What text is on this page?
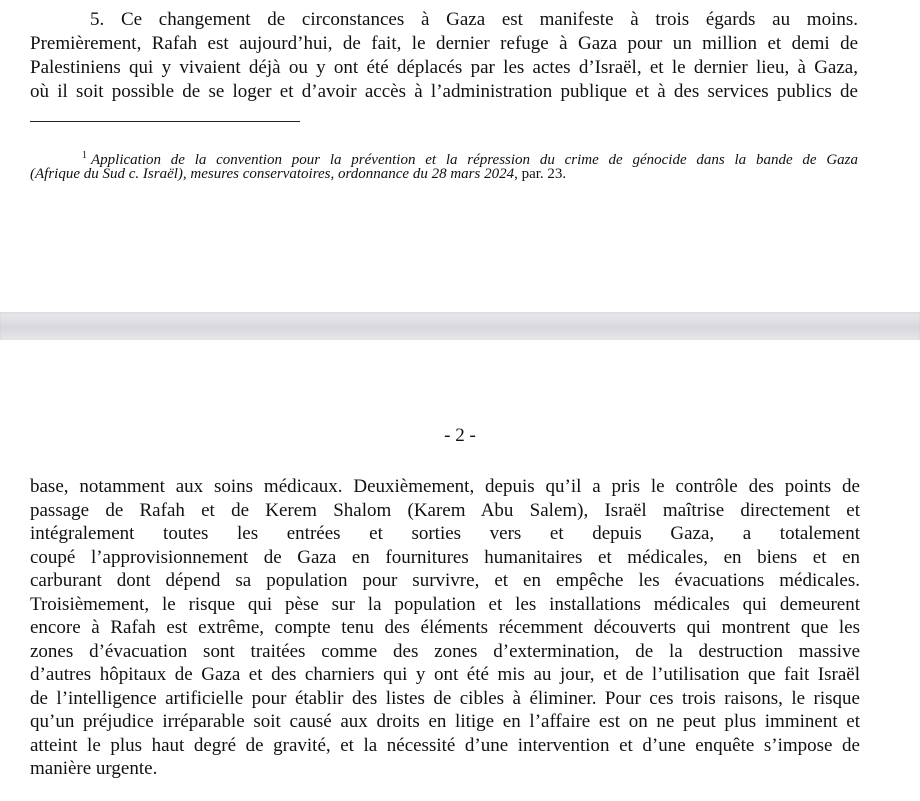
5. Ce changement de circonstances à Gaza est manifeste à trois égards au moins.
Premièrement, Rafah est aujourd’hui, de fait, le dernier refuge à Gaza pour un million et demi de
Palestiniens qui y vivaient déjà ou y ont été déplacés par les actes d’Israël, et le dernier lieu, à Gaza,
où il soit possible de se loger et d’avoir accès à l’administration publique et à des services publics de
$^1$ Application de la convention pour la prévention et la répression du crime de génocide dans la bande de Gaza
(Afrique du Sud c. Israël), mesures conservatoires, ordonnance du 28 mars 2024, par. 23.
- 2 -
base, notamment aux soins médicaux. Deuxièmement, depuis qu’il a pris le contrôle des points de
passage de Rafah et de Kerem Shalom (Karem Abu Salem), Israël maîtrise directement et
intégralement toutes les entrées et sorties vers et depuis Gaza, a totalement
coupé l’approvisionnement de Gaza en fournitures humanitaires et médicales, en biens et en
carburant dont dépend sa population pour survivre, et en empêche les évacuations médicales.
Troisièmement, le risque qui pèse sur la population et les installations médicales qui demeurent
encore à Rafah est extrême, compte tenu des éléments récemment découverts qui montrent que les
zones d’évacuation sont traitées comme des zones d’extermination, de la destruction massive
d’autres hôpitaux de Gaza et des charniers qui y ont été mis au jour, et de l’utilisation que fait Israël
de l’intelligence artificielle pour établir des listes de cibles à éliminer. Pour ces trois raisons, le risque
qu’un préjudice irréparable soit causé aux droits en litige en l’affaire est on ne peut plus imminent et
atteint le plus haut degré de gravité, et la nécessité d’une intervention et d’une enquête s’impose de
manière urgente.
